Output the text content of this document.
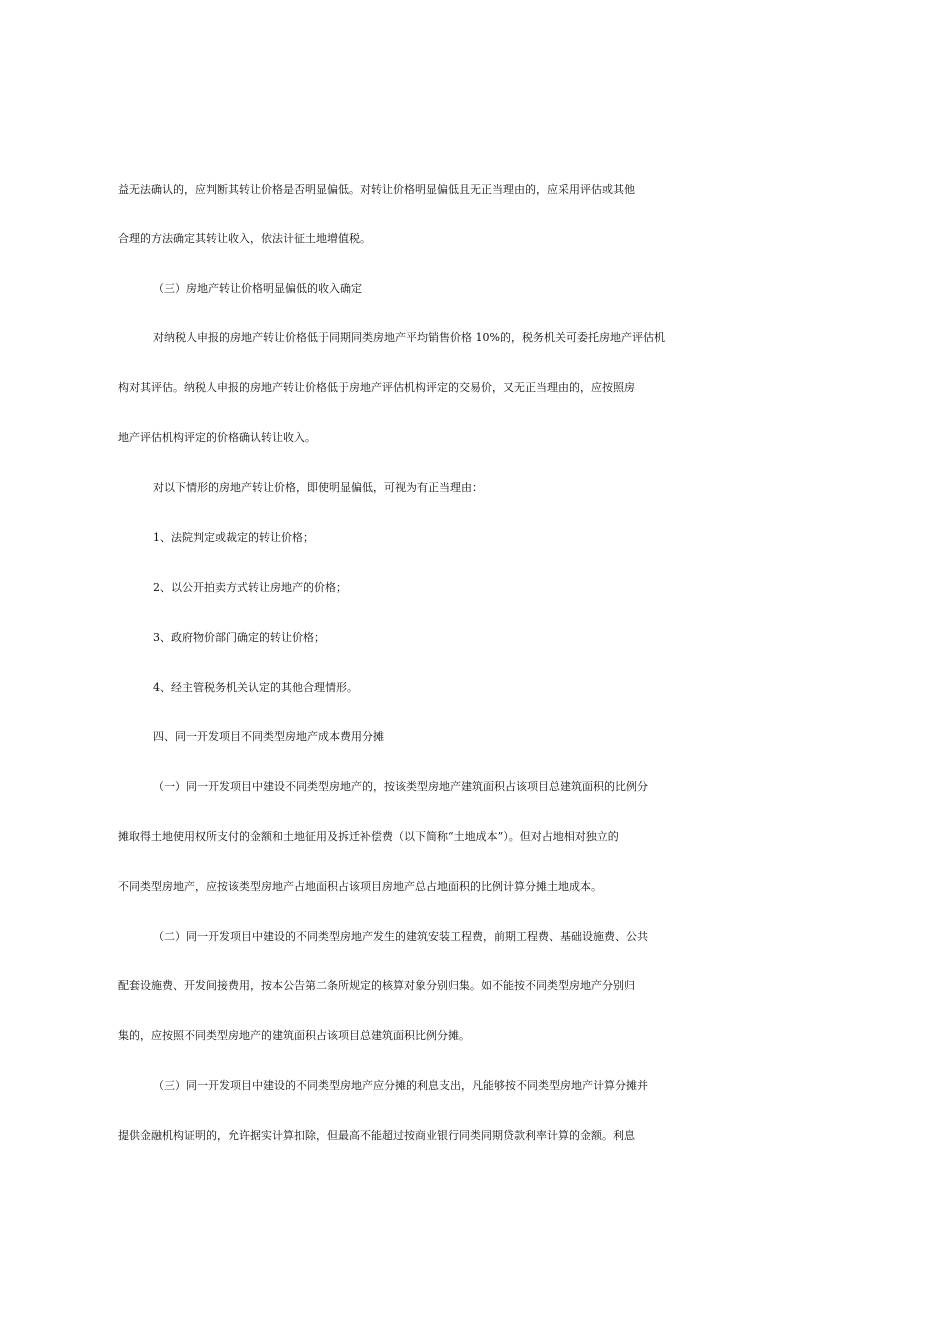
益无法确认的，应判断其转让价格是否明显偏低。对转让价格明显偏低且无正当理由的，应采用评估或其他
合理的方法确定其转让收入，依法计征土地增值税。
（三）房地产转让价格明显偏低的收入确定
对纳税人申报的房地产转让价格低于同期同类房地产平均销售价格 10%的，税务机关可委托房地产评估机
构对其评估。纳税人申报的房地产转让价格低于房地产评估机构评定的交易价，又无正当理由的，应按照房
地产评估机构评定的价格确认转让收入。
对以下情形的房地产转让价格，即使明显偏低，可视为有正当理由：
1、法院判定或裁定的转让价格；
2、以公开拍卖方式转让房地产的价格；
3、政府物价部门确定的转让价格；
4、经主管税务机关认定的其他合理情形。
四、同一开发项目不同类型房地产成本费用分摊
（一）同一开发项目中建设不同类型房地产的，按该类型房地产建筑面积占该项目总建筑面积的比例分
摊取得土地使用权所支付的金额和土地征用及拆迁补偿费（以下简称“土地成本”）。但对占地相对独立的
不同类型房地产，应按该类型房地产占地面积占该项目房地产总占地面积的比例计算分摊土地成本。
（二）同一开发项目中建设的不同类型房地产发生的建筑安装工程费，前期工程费、基础设施费、公共
配套设施费、开发间接费用，按本公告第二条所规定的核算对象分别归集。如不能按不同类型房地产分别归
集的，应按照不同类型房地产的建筑面积占该项目总建筑面积比例分摊。
（三）同一开发项目中建设的不同类型房地产应分摊的利息支出，凡能够按不同类型房地产计算分摊并
提供金融机构证明的，允许据实计算扣除，但最高不能超过按商业银行同类同期贷款利率计算的金额。利息
